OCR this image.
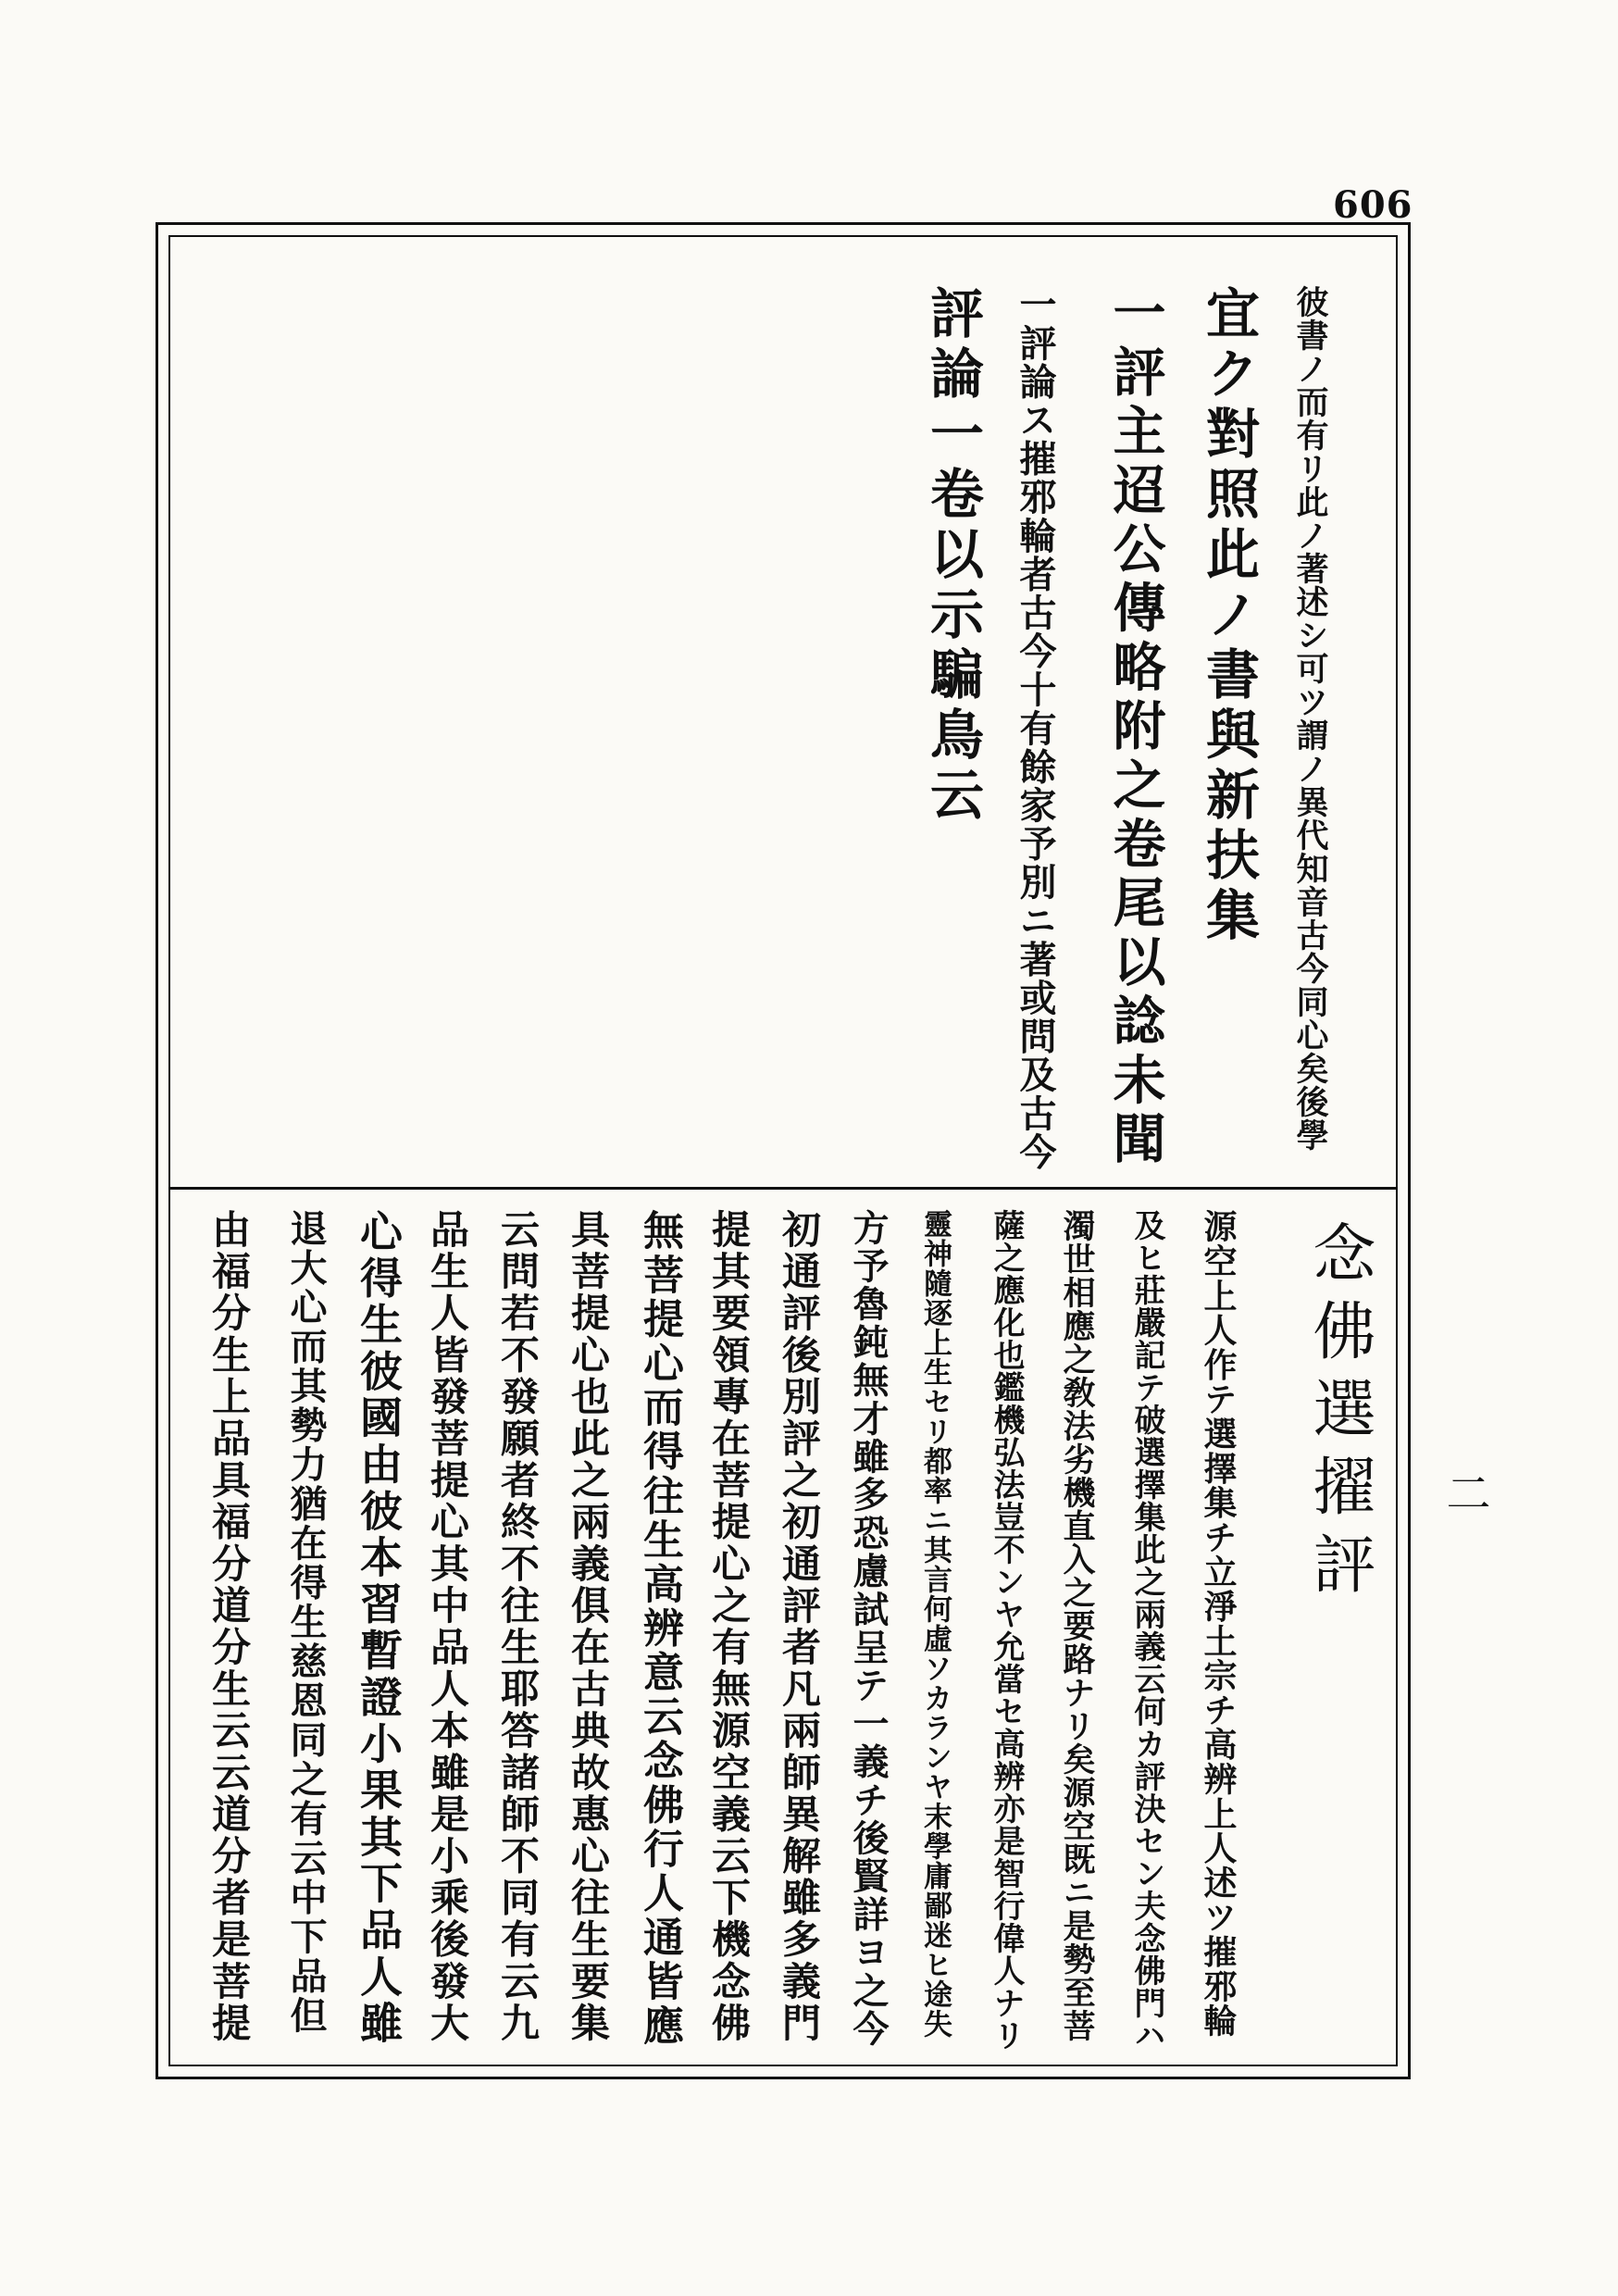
606
彼書ノ而有リ此ノ著述シ可ツ謂ノ異代知音古今同心矣後學
宜ク對照此ノ書與新扶集
一評主迢公傳略附之卷尾以諗未聞
一評論ス摧邪輪者古今十有餘家予別ニ著或問及古今
評論一卷以示騙鳥云
念佛選擢評
源空上人作テ選擇集チ立淨土宗チ高辨上人述ツ摧邪輪
及ヒ莊嚴記テ破選擇集此之兩義云何カ評決セン夫念佛門ハ
濁世相應之敎法劣機直入之要路ナリ矣源空既ニ是勢至菩
薩之應化也鑑機弘法豈不ンヤ允當セ高辨亦是智行偉人ナリ
靈神隨逐上生セリ都率ニ其言何虛ソカランヤ末學庸鄙迷ヒ途失
方予魯鈍無才雖多恐慮試呈テ一義チ後賢詳ヨ之今
初通評後別評之初通評者凡兩師異解雖多義門
提其要領專在菩提心之有無源空義云下機念佛
無菩提心而得往生高辨意云念佛行人通皆應
具菩提心也此之兩義俱在古典故惠心往生要集
云問若不發願者終不往生耶答諸師不同有云九
品生人皆發菩提心其中品人本雖是小乘後發大
心得生彼國由彼本習暫證小果其下品人雖
退大心而其勢力猶在得生慈恩同之有云中下品但
由福分生上品具福分道分生云云道分者是菩提	二
